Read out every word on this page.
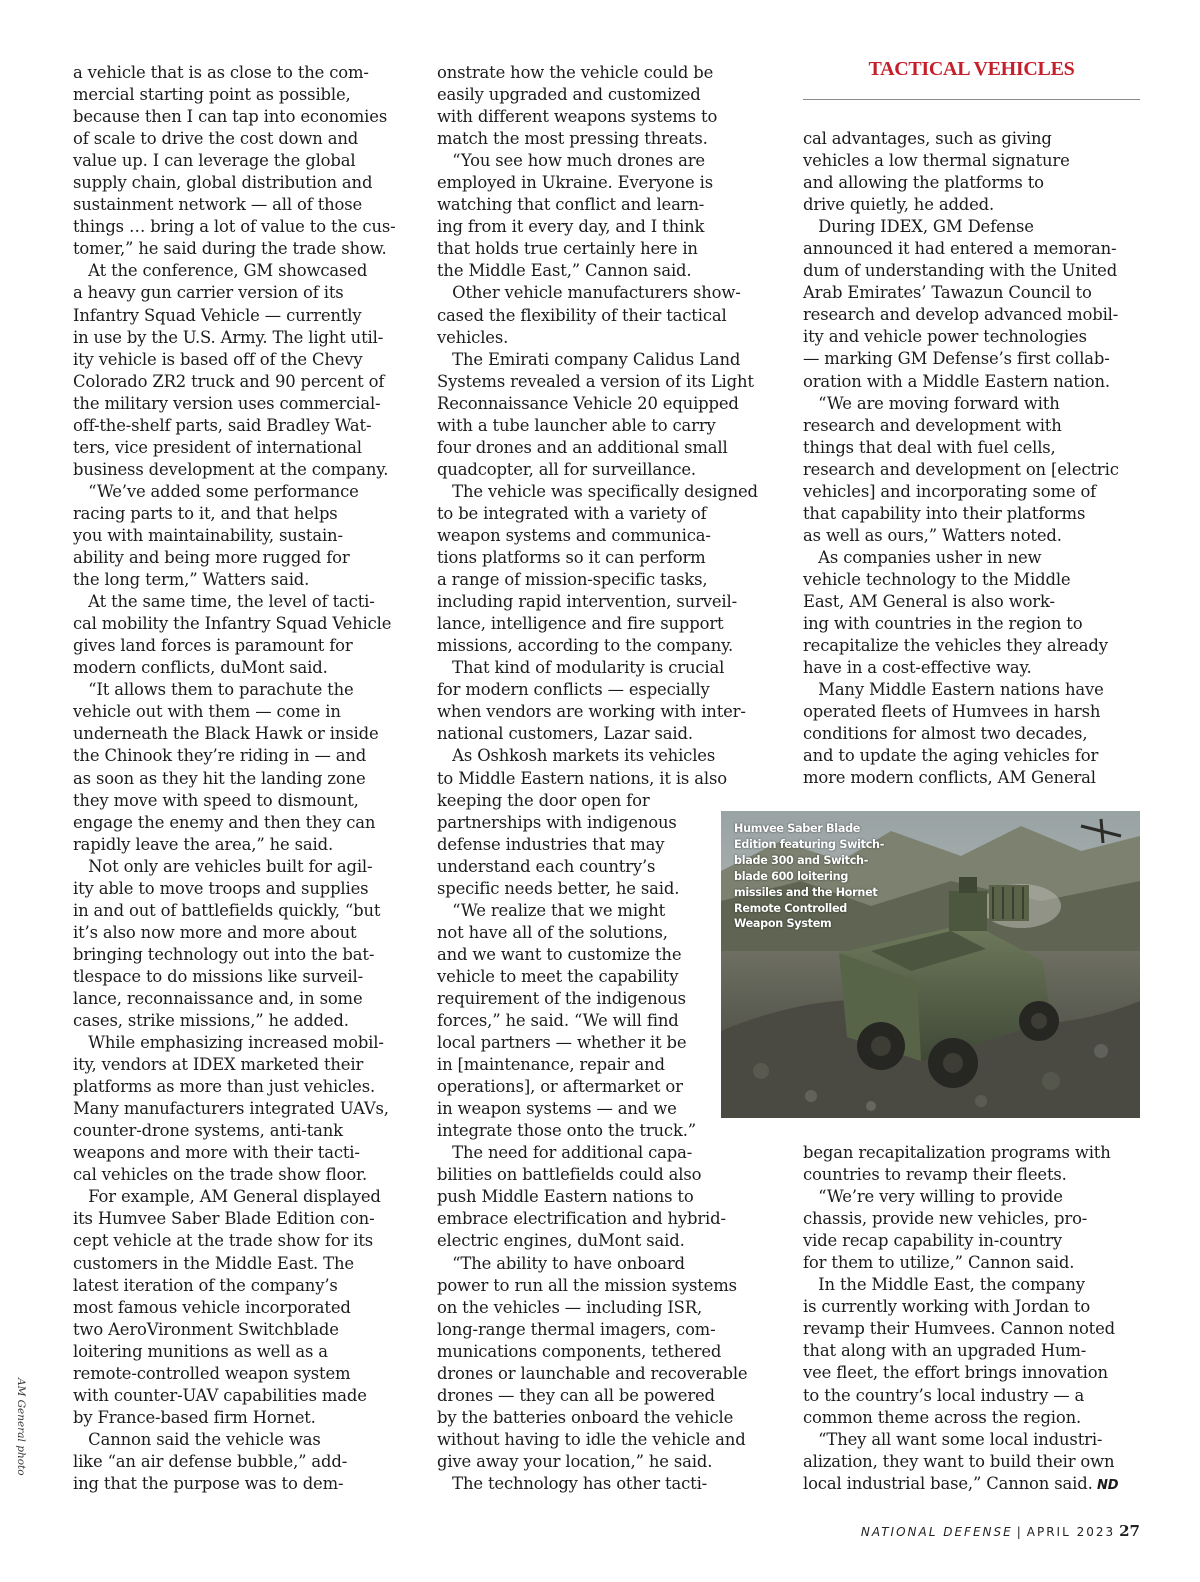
TACTICAL VEHICLES
a vehicle that is as close to the com-
mercial starting point as possible,
because then I can tap into economies
of scale to drive the cost down and
value up. I can leverage the global
supply chain, global distribution and
sustainment network — all of those
things … bring a lot of value to the cus-
tomer,” he said during the trade show.
At the conference, GM showcased
a heavy gun carrier version of its
Infantry Squad Vehicle — currently
in use by the U.S. Army. The light util-
ity vehicle is based off of the Chevy
Colorado ZR2 truck and 90 percent of
the military version uses commercial-
off-the-shelf parts, said Bradley Wat-
ters, vice president of international
business development at the company.
“We’ve added some performance
racing parts to it, and that helps
you with maintainability, sustain-
ability and being more rugged for
the long term,” Watters said.
At the same time, the level of tacti-
cal mobility the Infantry Squad Vehicle
gives land forces is paramount for
modern conflicts, duMont said.
“It allows them to parachute the
vehicle out with them — come in
underneath the Black Hawk or inside
the Chinook they’re riding in — and
as soon as they hit the landing zone
they move with speed to dismount,
engage the enemy and then they can
rapidly leave the area,” he said.
Not only are vehicles built for agil-
ity able to move troops and supplies
in and out of battlefields quickly, “but
it’s also now more and more about
bringing technology out into the bat-
tlespace to do missions like surveil-
lance, reconnaissance and, in some
cases, strike missions,” he added.
While emphasizing increased mobil-
ity, vendors at IDEX marketed their
platforms as more than just vehicles.
Many manufacturers integrated UAVs,
counter-drone systems, anti-tank
weapons and more with their tacti-
cal vehicles on the trade show floor.
For example, AM General displayed
its Humvee Saber Blade Edition con-
cept vehicle at the trade show for its
customers in the Middle East. The
latest iteration of the company’s
most famous vehicle incorporated
two AeroVironment Switchblade
loitering munitions as well as a
remote-controlled weapon system
with counter-UAV capabilities made
by France-based firm Hornet.
Cannon said the vehicle was
like “an air defense bubble,” add-
ing that the purpose was to dem-
onstrate how the vehicle could be
easily upgraded and customized
with different weapons systems to
match the most pressing threats.
“You see how much drones are
employed in Ukraine. Everyone is
watching that conflict and learn-
ing from it every day, and I think
that holds true certainly here in
the Middle East,” Cannon said.
Other vehicle manufacturers show-
cased the flexibility of their tactical
vehicles.
The Emirati company Calidus Land
Systems revealed a version of its Light
Reconnaissance Vehicle 20 equipped
with a tube launcher able to carry
four drones and an additional small
quadcopter, all for surveillance.
The vehicle was specifically designed
to be integrated with a variety of
weapon systems and communica-
tions platforms so it can perform
a range of mission-specific tasks,
including rapid intervention, surveil-
lance, intelligence and fire support
missions, according to the company.
That kind of modularity is crucial
for modern conflicts — especially
when vendors are working with inter-
national customers, Lazar said.
As Oshkosh markets its vehicles
to Middle Eastern nations, it is also
keeping the door open for
partnerships with indigenous
defense industries that may
understand each country’s
specific needs better, he said.
“We realize that we might
not have all of the solutions,
and we want to customize the
vehicle to meet the capability
requirement of the indigenous
forces,” he said. “We will find
local partners — whether it be
in [maintenance, repair and
operations], or aftermarket or
in weapon systems — and we
integrate those onto the truck.”
The need for additional capa-
bilities on battlefields could also
push Middle Eastern nations to
embrace electrification and hybrid-
electric engines, duMont said.
“The ability to have onboard
power to run all the mission systems
on the vehicles — including ISR,
long-range thermal imagers, com-
munications components, tethered
drones or launchable and recoverable
drones — they can all be powered
by the batteries onboard the vehicle
without having to idle the vehicle and
give away your location,” he said.
The technology has other tacti-
cal advantages, such as giving
vehicles a low thermal signature
and allowing the platforms to
drive quietly, he added.
During IDEX, GM Defense
announced it had entered a memoran-
dum of understanding with the United
Arab Emirates’ Tawazun Council to
research and develop advanced mobil-
ity and vehicle power technologies
— marking GM Defense’s first collab-
oration with a Middle Eastern nation.
“We are moving forward with
research and development with
things that deal with fuel cells,
research and development on [electric
vehicles] and incorporating some of
that capability into their platforms
as well as ours,” Watters noted.
As companies usher in new
vehicle technology to the Middle
East, AM General is also work-
ing with countries in the region to
recapitalize the vehicles they already
have in a cost-effective way.
Many Middle Eastern nations have
operated fleets of Humvees in harsh
conditions for almost two decades,
and to update the aging vehicles for
more modern conflicts, AM General
began recapitalization programs with
countries to revamp their fleets.
“We’re very willing to provide
chassis, provide new vehicles, pro-
vide recap capability in-country
for them to utilize,” Cannon said.
In the Middle East, the company
is currently working with Jordan to
revamp their Humvees. Cannon noted
that along with an upgraded Hum-
vee fleet, the effort brings innovation
to the country’s local industry — a
common theme across the region.
“They all want some local industri-
alization, they want to build their own
local industrial base,” Cannon said. ND
Humvee Saber Blade
Edition featuring Switch-
blade 300 and Switch-
blade 600 loitering
missiles and the Hornet
Remote Controlled
Weapon System
AM General photo
NATIONAL DEFENSE | APRIL 2023 27
